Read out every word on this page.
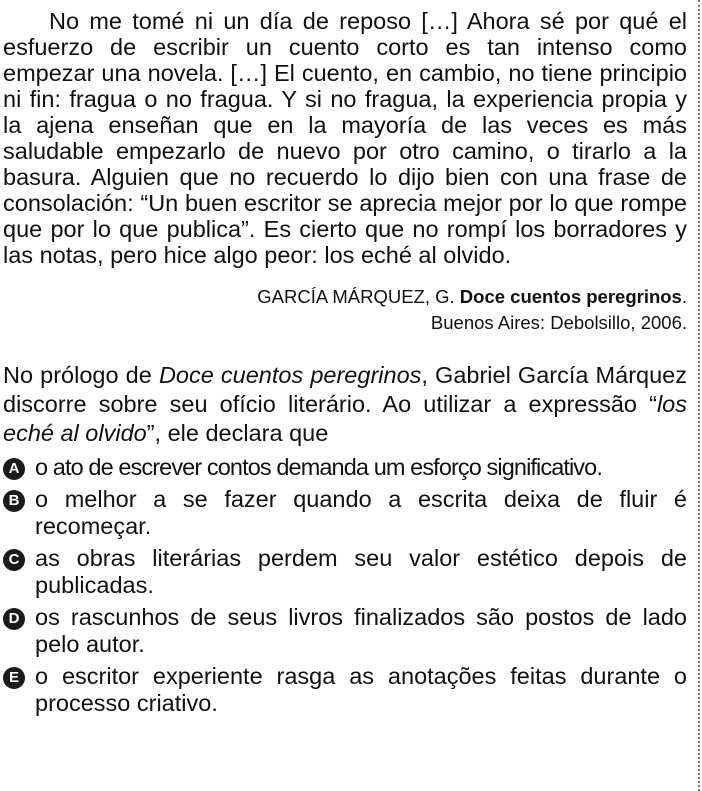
No me tomé ni un día de reposo […] Ahora sé por qué el esfuerzo de escribir un cuento corto es tan intenso como empezar una novela. […] El cuento, en cambio, no tiene principio ni fin: fragua o no fragua. Y si no fragua, la experiencia propia y la ajena enseñan que en la mayoría de las veces es más saludable empezarlo de nuevo por otro camino, o tirarlo a la basura. Alguien que no recuerdo lo dijo bien con una frase de consolación: “Un buen escritor se aprecia mejor por lo que rompe que por lo que publica”. Es cierto que no rompí los borradores y las notas, pero hice algo peor: los eché al olvido.

GARCÍA MÁRQUEZ, G. Doce cuentos peregrinos.
Buenos Aires: Debolsillo, 2006.
No prólogo de Doce cuentos peregrinos, Gabriel García Márquez discorre sobre seu ofício literário. Ao utilizar a expressão “los eché al olvido”, ele declara que
A o ato de escrever contos demanda um esforço significativo.
B o melhor a se fazer quando a escrita deixa de fluir é recomeçar.
C as obras literárias perdem seu valor estético depois de publicadas.
D os rascunhos de seus livros finalizados são postos de lado pelo autor.
E o escritor experiente rasga as anotações feitas durante o processo criativo.
